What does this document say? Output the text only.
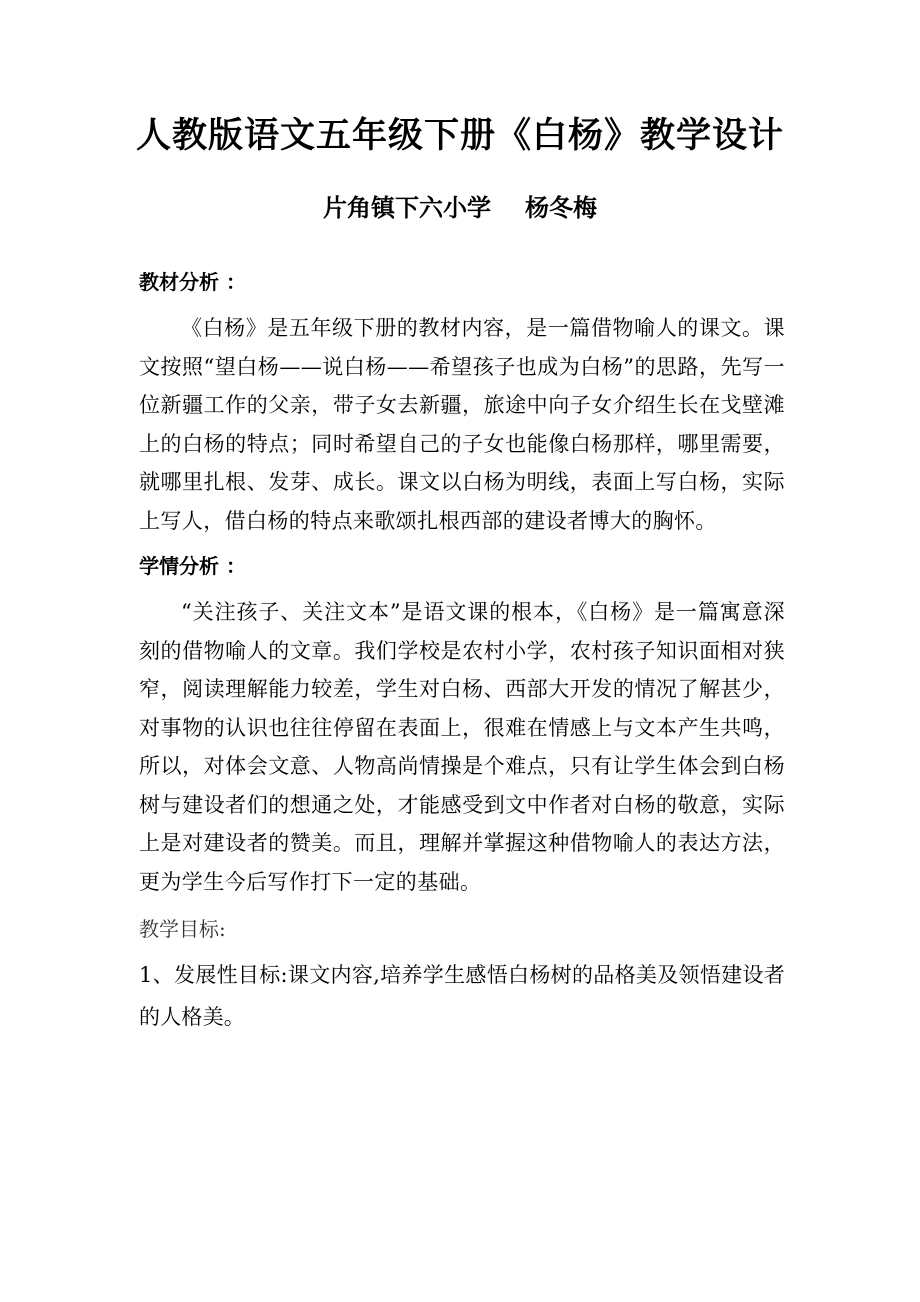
人教版语文五年级下册《白杨》教学设计
片角镇下六小学 杨冬梅

教材分析 ：

《白杨》是五年级下册的教材内容，是一篇借物喻人的课文。课文按照“望白杨——说白杨——希望孩子也成为白杨”的思路，先写一位新疆工作的父亲，带子女去新疆，旅途中向子女介绍生长在戈壁滩上的白杨的特点；同时希望自己的子女也能像白杨那样，哪里需要，就哪里扎根、发芽、成长。课文以白杨为明线，表面上写白杨，实际上写人，借白杨的特点来歌颂扎根西部的建设者博大的胸怀。

学情分析 ：

“关注孩子、关注文本”是语文课的根本，《白杨》是一篇寓意深刻的借物喻人的文章。我们学校是农村小学，农村孩子知识面相对狭窄，阅读理解能力较差，学生对白杨、西部大开发的情况了解甚少，对事物的认识也往往停留在表面上，很难在情感上与文本产生共鸣，所以，对体会文意、人物高尚情操是个难点，只有让学生体会到白杨树与建设者们的想通之处，才能感受到文中作者对白杨的敬意，实际上是对建设者的赞美。而且，理解并掌握这种借物喻人的表达方法，更为学生今后写作打下一定的基础。

教学目标:

1、发展性目标:课文内容,培养学生感悟白杨树的品格美及领悟建设者的人格美。
